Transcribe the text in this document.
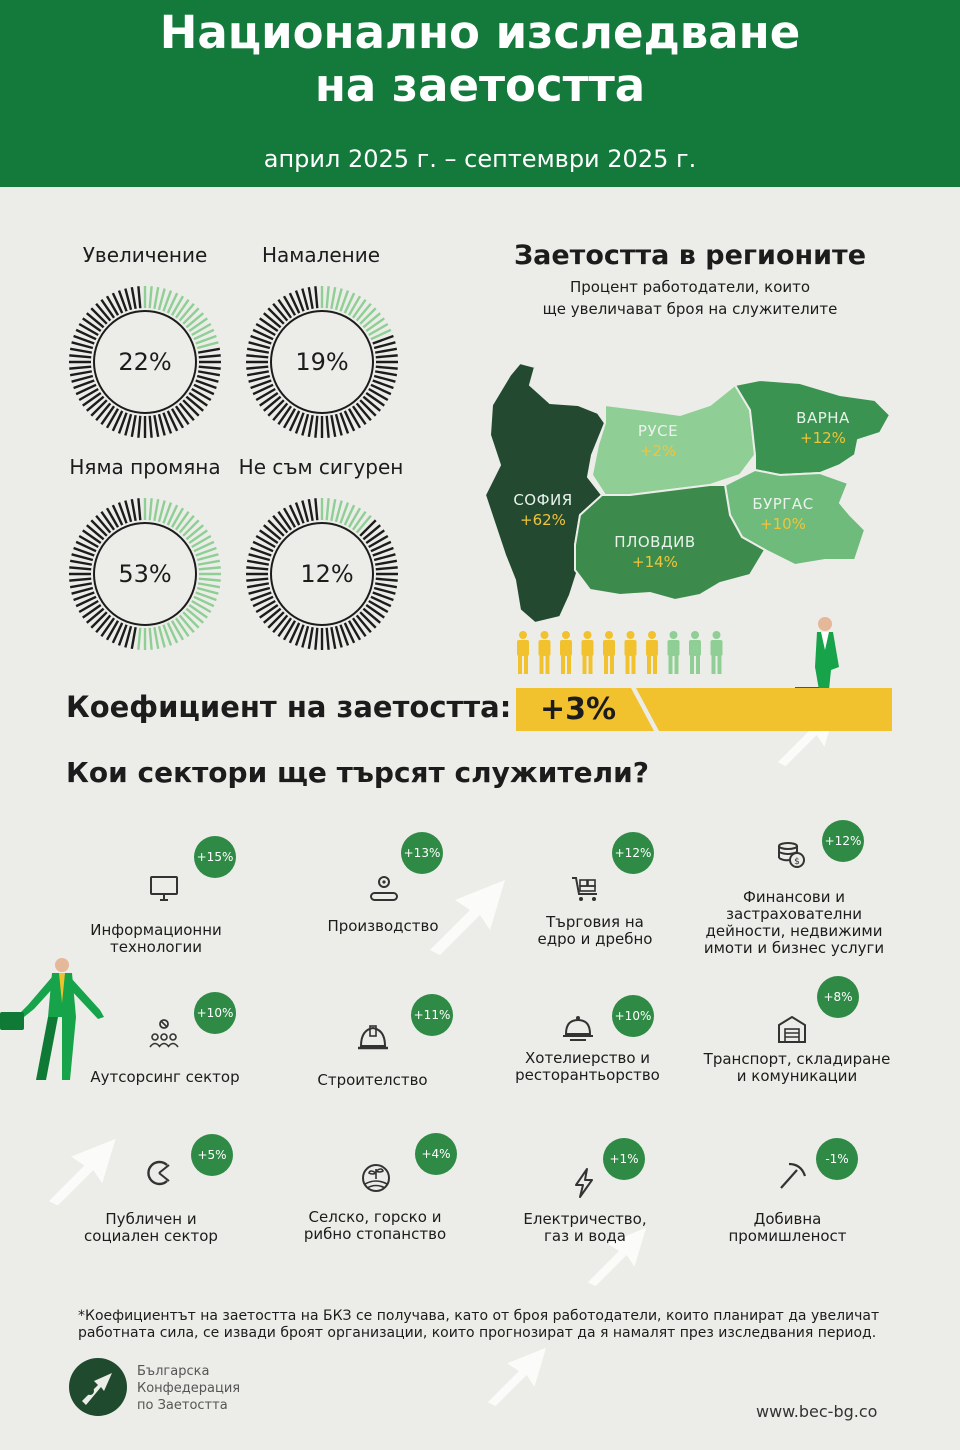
Национално изследване
на заетостта
април 2025 г. – септември 2025 г.
Увеличение	Намаление
Няма промяна Не съм сигурен
22%	19%
53%	12%
Заетостта в регионите
Процент работодатели, които
ще увеличават броя на служителите
СОФИЯ
+62%
РУСЕ
+2%
ВАРНА
+12%
БУРГАС
+10%
ПЛОВДИВ
+14%
Коефициент на заетостта: +3%
Кои сектори ще търсят служители?
+15%
Информационни
технологии
+13%
Производство
+12%
Търговия на
едро и дребно
+12%
$
Финансови и
застрахователни
дейности, недвижими
имоти и бизнес услуги
+10%
Аутсорсинг сектор
+11%
Строителство
+10%
Хотелиерство и
ресторантьорство
+8%
Транспорт, складиране
и комуникации
+5%
Публичен и
социален сектор
+4%
Селско, горско и
рибно стопанство
+1%
Електричество,
газ и вода
-1%
Добивна
промишленост
*Коефициентът на заетостта на БКЗ се получава, като от броя работодатели, които планират да увеличат
работната сила, се извади броят организации, които прогнозират да я намалят през изследвания период.
Българска
Конфедерация
по Заетостта	www.bec-bg.co
